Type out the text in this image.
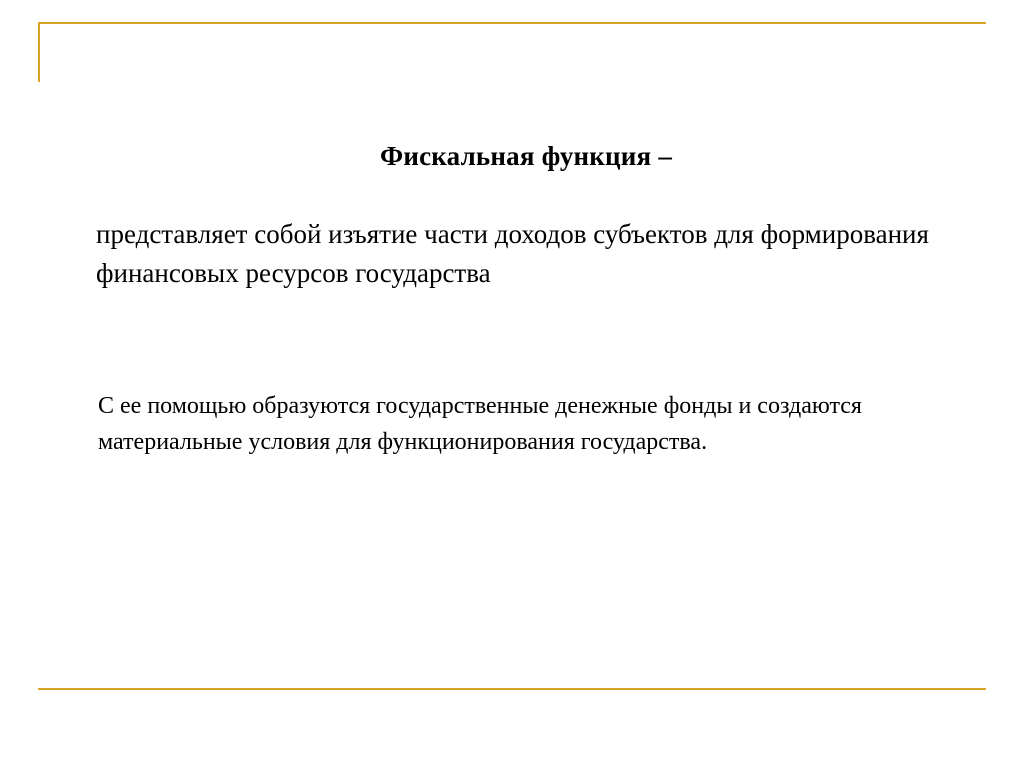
Фискальная функция –
представляет собой изъятие части доходов субъектов для формирования финансовых ресурсов государства
С ее помощью образуются государственные денежные фонды и создаются материальные условия для функционирования государства.
